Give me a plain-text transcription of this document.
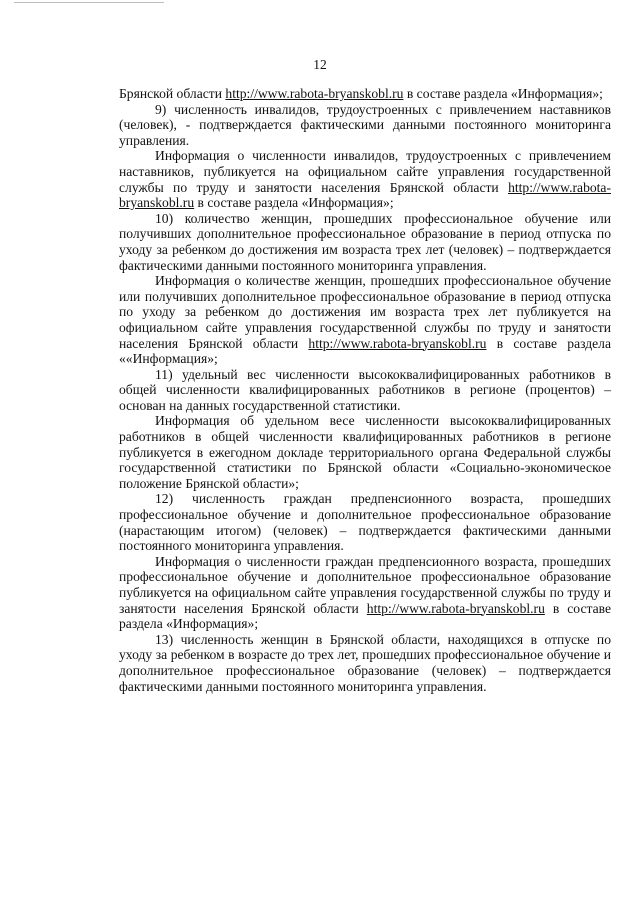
12

Брянской области http://www.rabota-bryanskobl.ru в составе раздела «Информация»;

9) численность инвалидов, трудоустроенных с привлечением наставников (человек), - подтверждается фактическими данными постоянного мониторинга управления.

Информация о численности инвалидов, трудоустроенных с привлечением наставников, публикуется на официальном сайте управления государственной службы по труду и занятости населения Брянской области http://www.rabota-bryanskobl.ru в составе раздела «Информация»;

10) количество женщин, прошедших профессиональное обучение или получивших дополнительное профессиональное образование в период отпуска по уходу за ребенком до достижения им возраста трех лет (человек) – подтверждается фактическими данными постоянного мониторинга управления.

Информация о количестве женщин, прошедших профессиональное обучение или получивших дополнительное профессиональное образование в период отпуска по уходу за ребенком до достижения им возраста трех лет публикуется на официальном сайте управления государственной службы по труду и занятости населения Брянской области http://www.rabota-bryanskobl.ru в составе раздела ««Информация»;

11) удельный вес численности высококвалифицированных работников в общей численности квалифицированных работников в регионе (процентов) – основан на данных государственной статистики.

Информация об удельном весе численности высококвалифицированных работников в общей численности квалифицированных работников в регионе публикуется в ежегодном докладе территориального органа Федеральной службы государственной статистики по Брянской области «Социально-экономическое положение Брянской области»;

12) численность граждан предпенсионного возраста, прошедших профессиональное обучение и дополнительное профессиональное образование (нарастающим итогом) (человек) – подтверждается фактическими данными постоянного мониторинга управления.

Информация о численности граждан предпенсионного возраста, прошедших профессиональное обучение и дополнительное профессиональное образование публикуется на официальном сайте управления государственной службы по труду и занятости населения Брянской области http://www.rabota-bryanskobl.ru в составе раздела «Информация»;

13) численность женщин в Брянской области, находящихся в отпуске по уходу за ребенком в возрасте до трех лет, прошедших профессиональное обучение и дополнительное профессиональное образование (человек) – подтверждается фактическими данными постоянного мониторинга управления.
